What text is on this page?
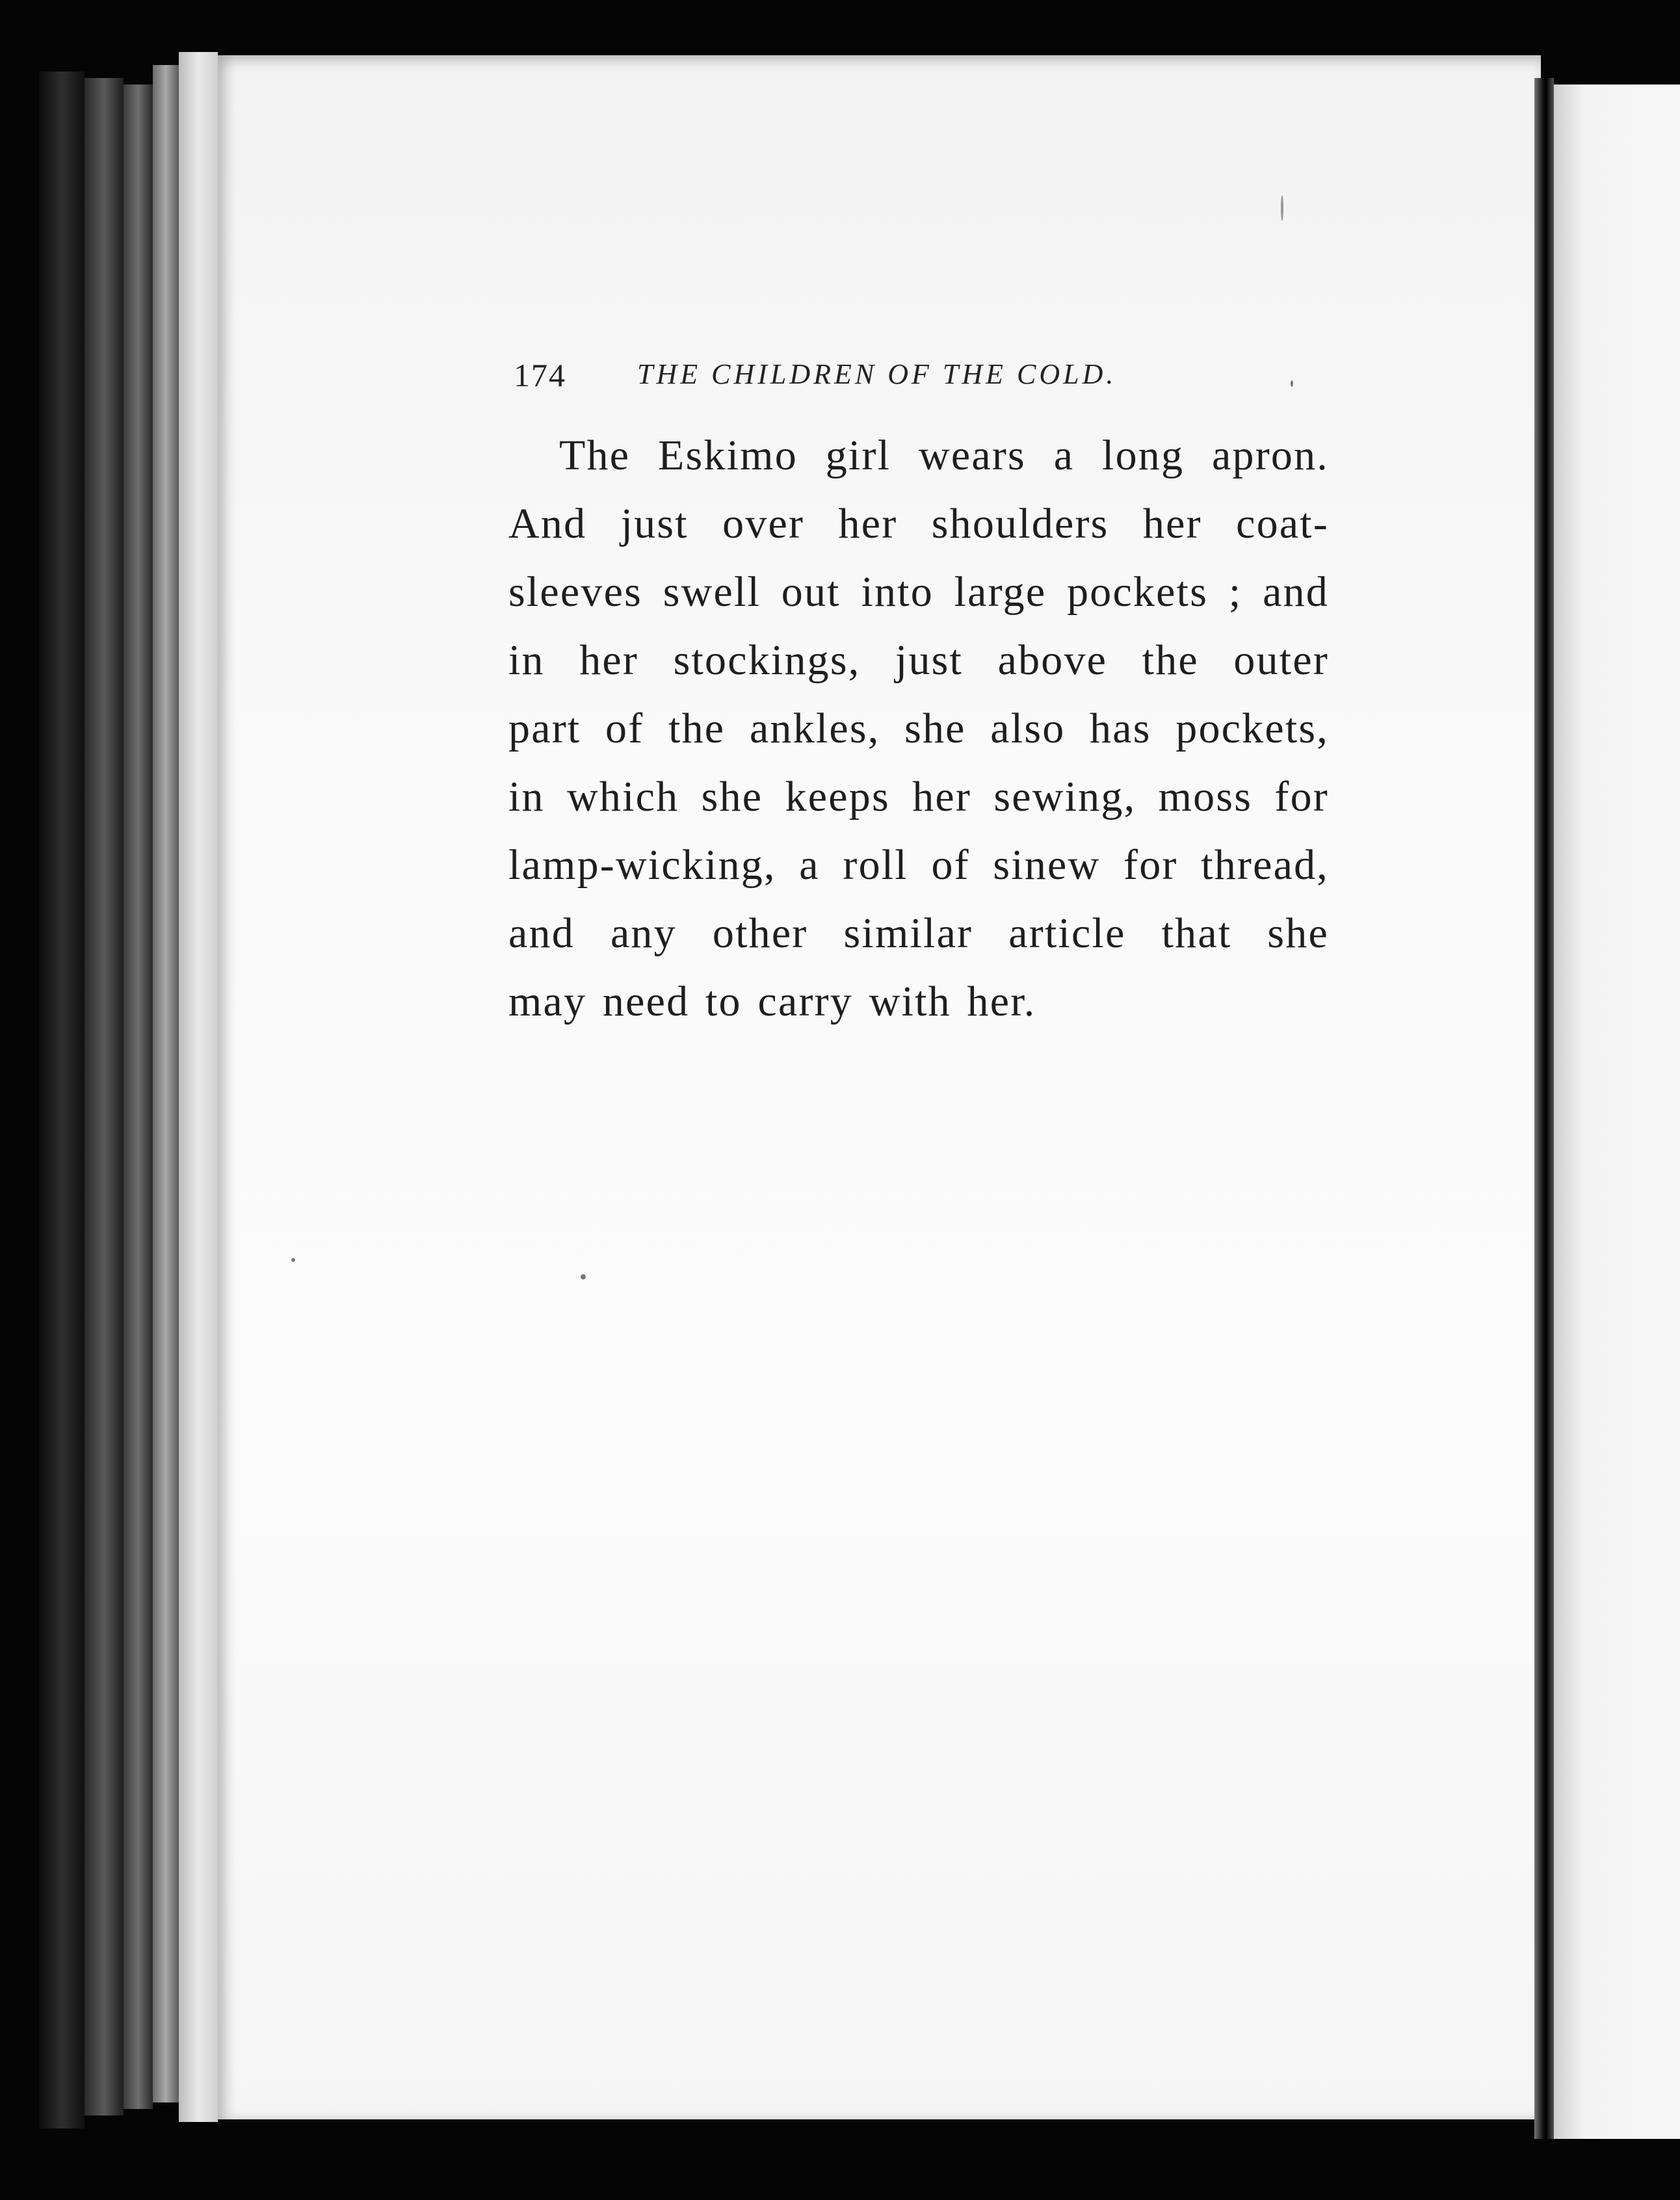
174 THE CHILDREN OF THE COLD.
The Eskimo girl wears a long apron.
And just over her shoulders her coat-
sleeves swell out into large pockets ; and
in her stockings, just above the outer
part of the ankles, she also has pockets,
in which she keeps her sewing, moss for
lamp-wicking, a roll of sinew for thread,
and any other similar article that she
may need to carry with her.
